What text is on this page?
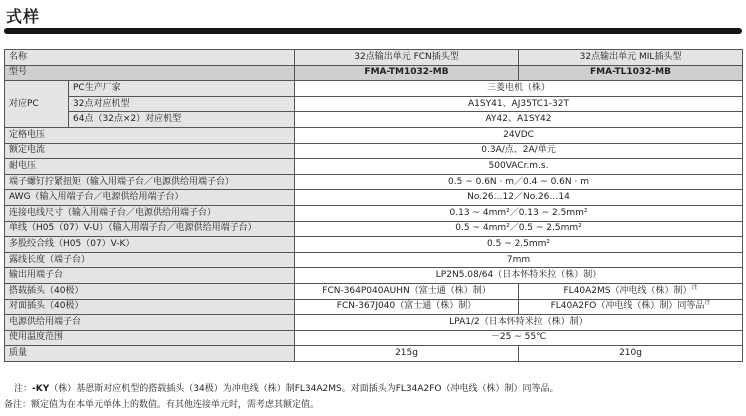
式样
名称		32点输出单元 FCN插头型	32点输出单元 MIL插头型
型号		FMA-TM1032-MB	FMA-TL1032-MB
对应PC	PC生产厂家	三菱电机（株）	
	32点对应机型	A1SY41、AJ35TC1-32T	
	64点（32点×2）对应机型	AY42、A1SY42	
定格电压		24VDC	
额定电流		0.3A/点、2A/单元	
耐电压		500VACr.m.s.	
端子螺钉拧紧扭矩（输入用端子台／电源供给用端子台）		0.5 ~ 0.6N · m／0.4 ~ 0.6N · m	
AWG（输入用端子台／电源供给用端子台）		No.26…12／No.26…14	
连接电线尺寸（输入用端子台／电源供给用端子台）		0.13 ~ 4mm²／0.13 ~ 2.5mm²	
单线（H05（07）V-U）（输入用端子台／电源供给用端子台）		0.5 ~ 4mm²／0.5 ~ 2.5mm²	
多股绞合线（H05（07）V-K）		0.5 ~ 2.5mm²	
露线长度（端子台）		7mm	
输出用端子台		LP2N5.08/64（日本怀特米拉（株）制）	
搭载插头（40极）		FCN-364P040AUHN（富士通（株）制）	FL40A2MS（冲电线（株）制）$^注$
对面插头（40极）		FCN-367J040（富士通（株）制）	FL40A2FO（冲电线（株）制）同等品$^注$
电源供给用端子台		LPA1/2（日本怀特米拉（株）制）	
使用温度范围		－25 ~ 55℃	
质量		215g	210g
注：-KY（株）基恩斯对应机型的搭载插头（34极）为冲电线（株）制FL34A2MS。对面插头为FL34A2FO（冲电线（株）制）同等品。
备注：额定值为在本单元单体上的数值。有其他连接单元时，需考虑其额定值。
